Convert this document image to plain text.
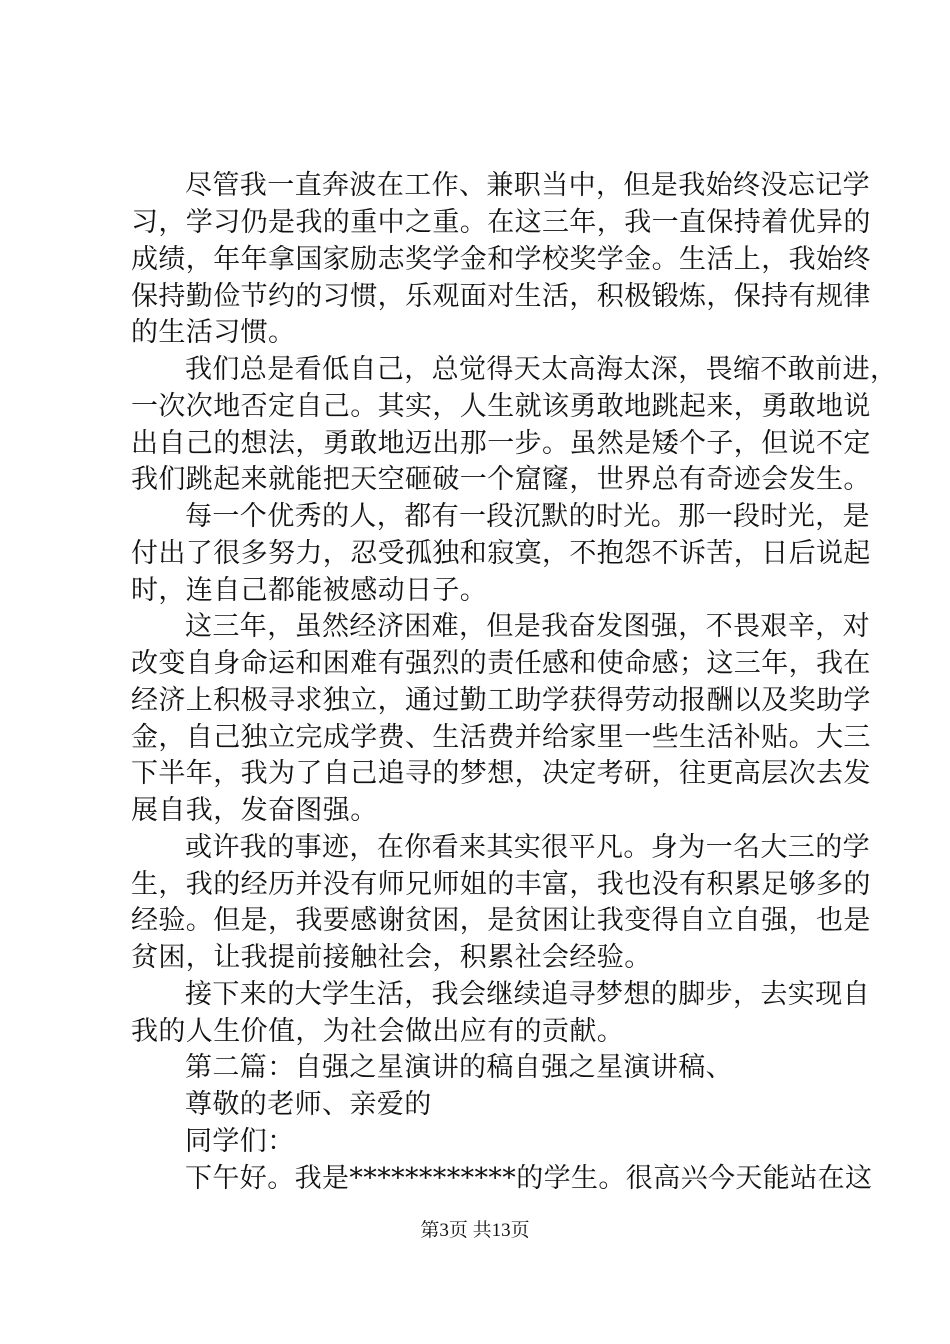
尽管我一直奔波在工作、兼职当中，但是我始终没忘记学
习，学习仍是我的重中之重。在这三年，我一直保持着优异的
成绩，年年拿国家励志奖学金和学校奖学金。生活上，我始终
保持勤俭节约的习惯，乐观面对生活，积极锻炼，保持有规律
的生活习惯。
我们总是看低自己，总觉得天太高海太深，畏缩不敢前进，
一次次地否定自己。其实，人生就该勇敢地跳起来，勇敢地说
出自己的想法，勇敢地迈出那一步。虽然是矮个子，但说不定
我们跳起来就能把天空砸破一个窟窿，世界总有奇迹会发生。
每一个优秀的人，都有一段沉默的时光。那一段时光，是
付出了很多努力，忍受孤独和寂寞，不抱怨不诉苦，日后说起
时，连自己都能被感动日子。
这三年，虽然经济困难，但是我奋发图强，不畏艰辛，对
改变自身命运和困难有强烈的责任感和使命感；这三年，我在
经济上积极寻求独立，通过勤工助学获得劳动报酬以及奖助学
金，自己独立完成学费、生活费并给家里一些生活补贴。大三
下半年，我为了自己追寻的梦想，决定考研，往更高层次去发
展自我，发奋图强。
或许我的事迹，在你看来其实很平凡。身为一名大三的学
生，我的经历并没有师兄师姐的丰富，我也没有积累足够多的
经验。但是，我要感谢贫困，是贫困让我变得自立自强，也是
贫困，让我提前接触社会，积累社会经验。
接下来的大学生活，我会继续追寻梦想的脚步，去实现自
我的人生价值，为社会做出应有的贡献。
第二篇：自强之星演讲的稿自强之星演讲稿、
尊敬的老师、亲爱的
同学们：
下午好。我是************的学生。很高兴今天能站在这
第3页 共13页
